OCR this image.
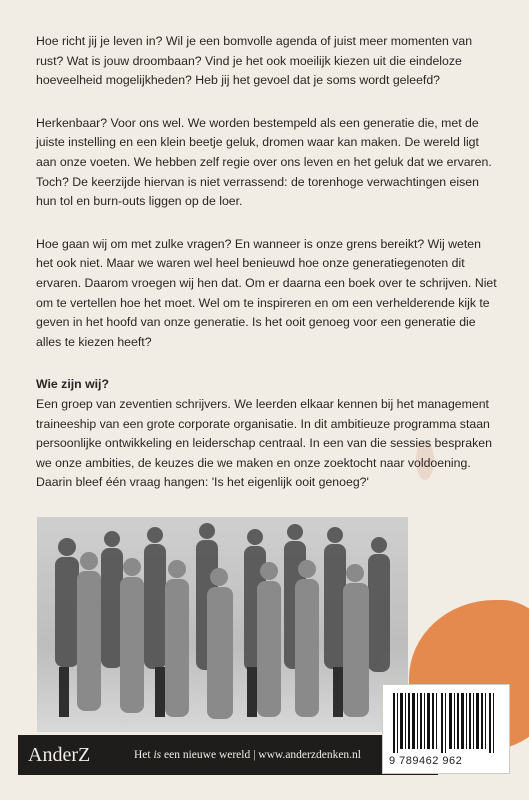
Hoe richt jij je leven in? Wil je een bomvolle agenda of juist meer momenten van rust? Wat is jouw droombaan? Vind je het ook moeilijk kiezen uit die eindeloze hoeveelheid mogelijkheden? Heb jij het gevoel dat je soms wordt geleefd?

Herkenbaar? Voor ons wel. We worden bestempeld als een generatie die, met de juiste instelling en een klein beetje geluk, dromen waar kan maken. De wereld ligt aan onze voeten. We hebben zelf regie over ons leven en het geluk dat we ervaren. Toch? De keerzijde hiervan is niet verrassend: de torenhoge verwachtingen eisen hun tol en burn-outs liggen op de loer.

Hoe gaan wij om met zulke vragen? En wanneer is onze grens bereikt? Wij weten het ook niet. Maar we waren wel heel benieuwd hoe onze generatiegenoten dit ervaren. Daarom vroegen wij hen dat. Om er daarna een boek over te schrijven. Niet om te vertellen hoe het moet. Wel om te inspireren en om een verhelderende kijk te geven in het hoofd van onze generatie. Is het ooit genoeg voor een generatie die alles te kiezen heeft?

Wie zijn wij?

Een groep van zeventien schrijvers. We leerden elkaar kennen bij het management traineeship van een grote corporate organisatie. In dit ambitieuze programma staan persoonlijke ontwikkeling en leiderschap centraal. In een van die sessies bespraken we onze ambities, de keuzes die we maken en onze zoektocht naar voldoening. Daarin bleef één vraag hangen: 'Is het eigenlijk ooit genoeg?'

AnderZ	Het is een nieuwe wereld | www.anderzdenken.nl	9 789462 962
